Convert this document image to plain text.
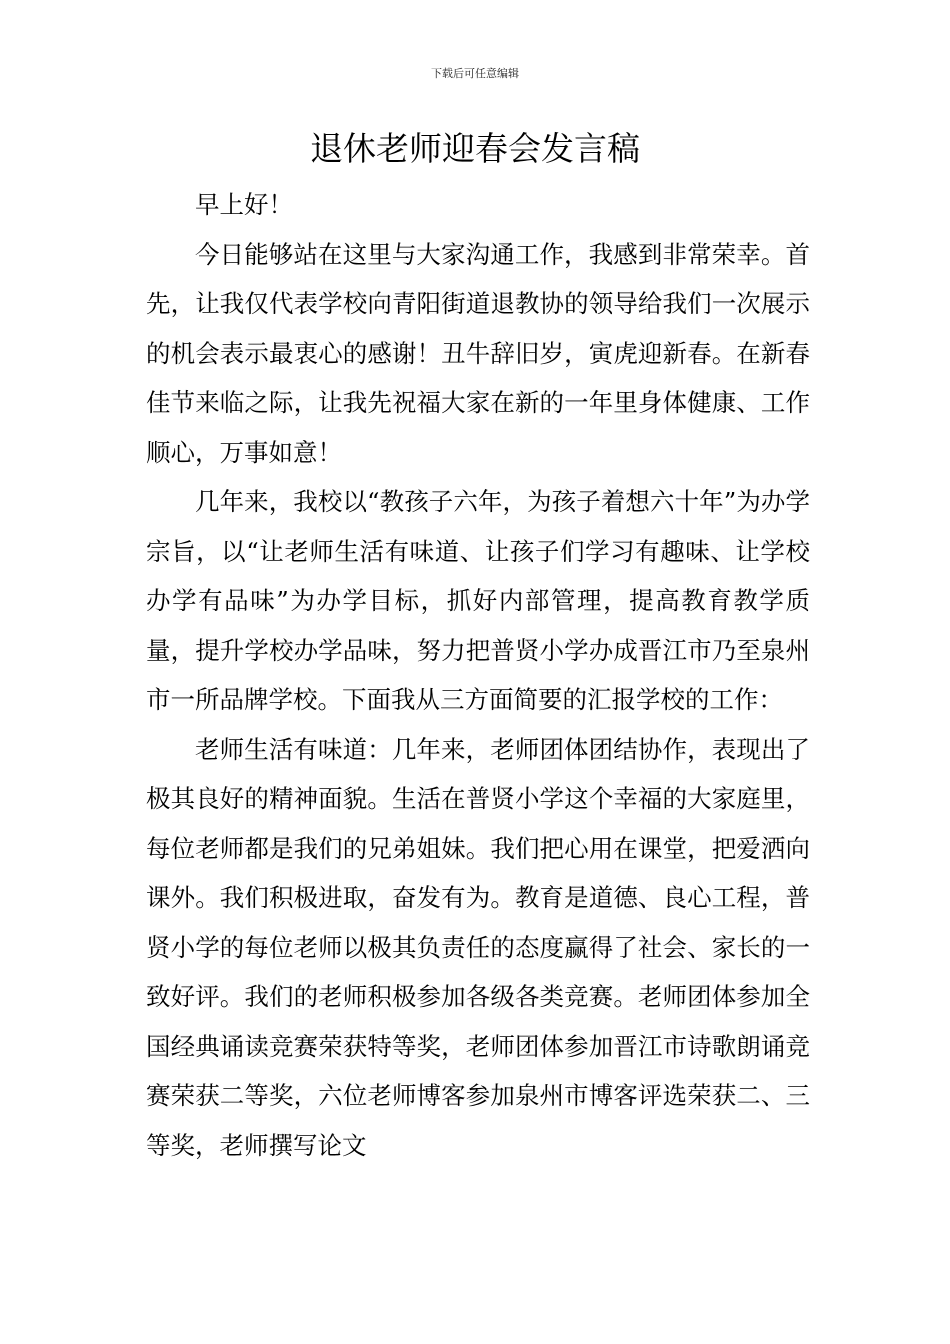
下载后可任意编辑
退休老师迎春会发言稿

早上好！

今日能够站在这里与大家沟通工作，我感到非常荣幸。首先，让我仅代表学校向青阳街道退教协的领导给我们一次展示的机会表示最衷心的感谢！丑牛辞旧岁，寅虎迎新春。在新春佳节来临之际，让我先祝福大家在新的一年里身体健康、工作顺心，万事如意！

几年来，我校以“教孩子六年，为孩子着想六十年”为办学宗旨，以“让老师生活有味道、让孩子们学习有趣味、让学校办学有品味”为办学目标，抓好内部管理，提高教育教学质量，提升学校办学品味，努力把普贤小学办成晋江市乃至泉州市一所品牌学校。下面我从三方面简要的汇报学校的工作：

老师生活有味道：几年来，老师团体团结协作，表现出了极其良好的精神面貌。生活在普贤小学这个幸福的大家庭里，每位老师都是我们的兄弟姐妹。我们把心用在课堂，把爱洒向课外。我们积极进取，奋发有为。教育是道德、良心工程，普贤小学的每位老师以极其负责任的态度赢得了社会、家长的一致好评。我们的老师积极参加各级各类竞赛。老师团体参加全国经典诵读竞赛荣获特等奖，老师团体参加晋江市诗歌朗诵竞赛荣获二等奖，六位老师博客参加泉州市博客评选荣获二、三等奖，老师撰写论文
